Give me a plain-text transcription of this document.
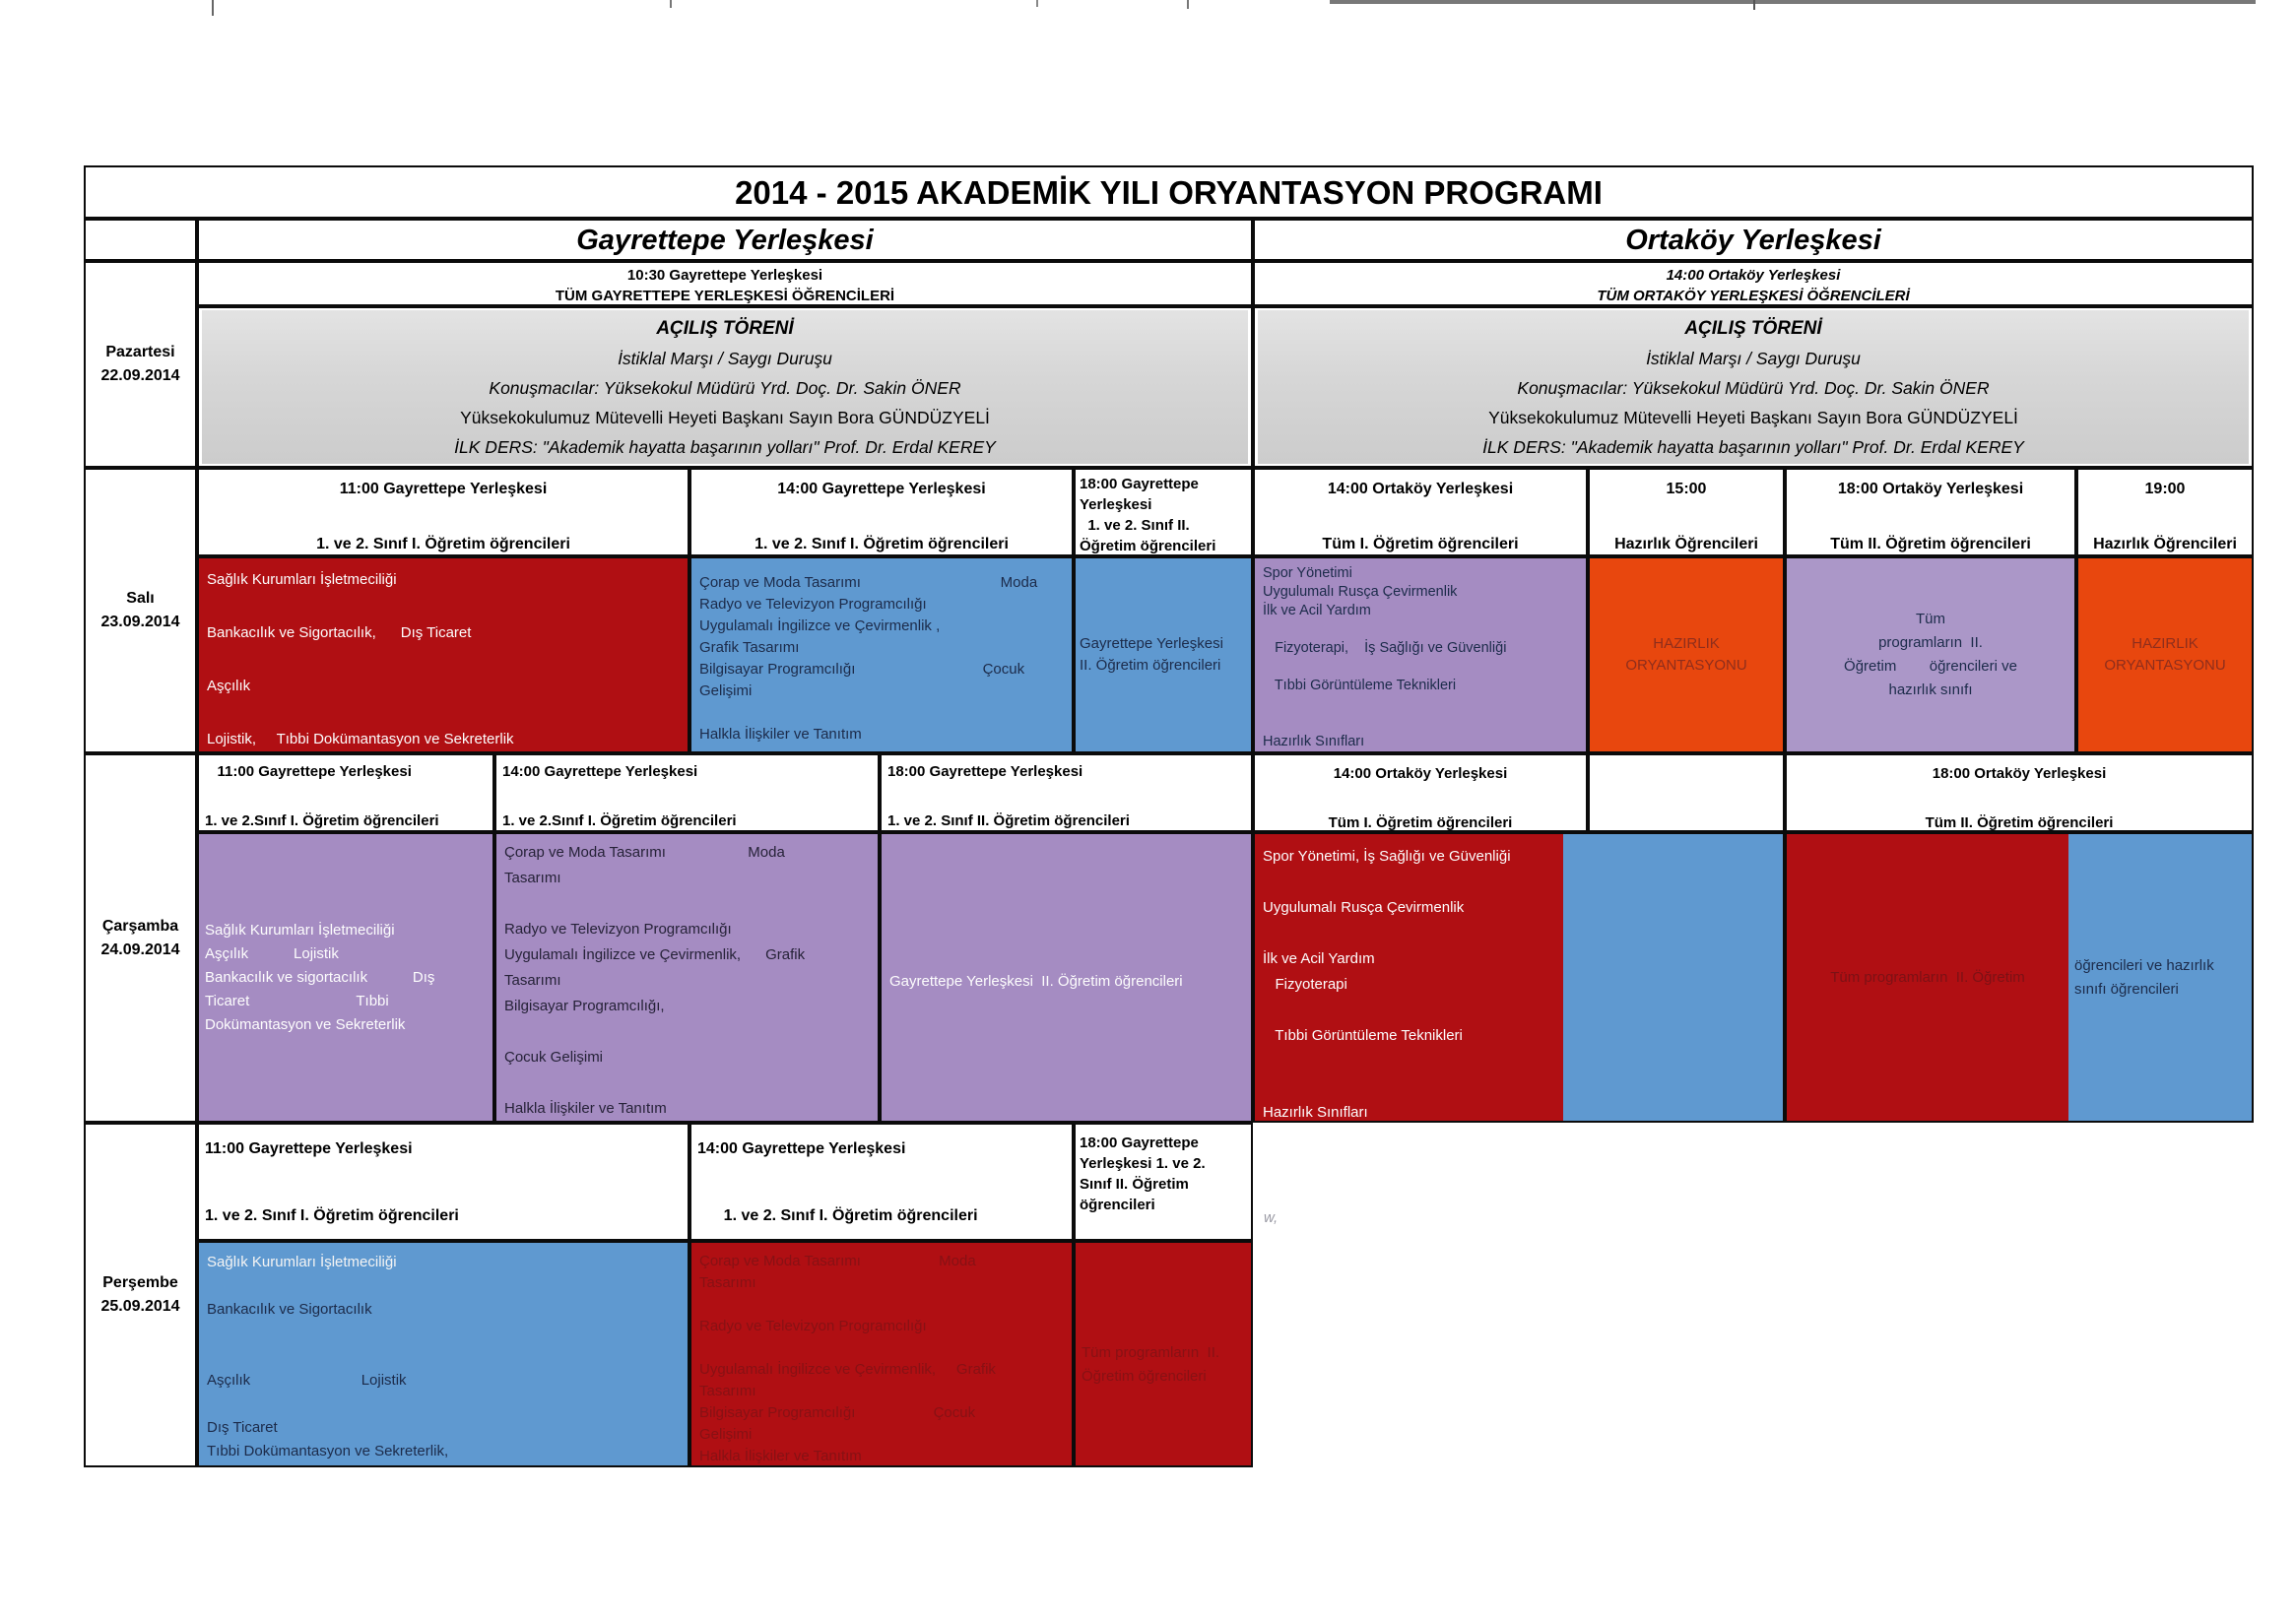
w,
2014 - 2015 AKADEMİK YILI ORYANTASYON PROGRAMI
Gayrettepe Yerleşkesi	Ortaköy Yerleşkesi
Pazartesi
22.09.2014
10:30 Gayrettepe Yerleşkesi
TÜM GAYRETTEPE YERLEŞKESİ ÖĞRENCİLERİ
AÇILIŞ TÖRENİ
İstiklal Marşı / Saygı Duruşu
Konuşmacılar: Yüksekokul Müdürü Yrd. Doç. Dr. Sakin ÖNER
Yüksekokulumuz Mütevelli Heyeti Başkanı Sayın Bora GÜNDÜZYELİ
İLK DERS: "Akademik hayatta başarının yolları" Prof. Dr. Erdal KEREY
14:00 Ortaköy Yerleşkesi
TÜM ORTAKÖY YERLEŞKESİ ÖĞRENCİLERİ
AÇILIŞ TÖRENİ
İstiklal Marşı / Saygı Duruşu
Konuşmacılar: Yüksekokul Müdürü Yrd. Doç. Dr. Sakin ÖNER
Yüksekokulumuz Mütevelli Heyeti Başkanı Sayın Bora GÜNDÜZYELİ
İLK DERS: "Akademik hayatta başarının yolları" Prof. Dr. Erdal KEREY
Salı
23.09.2014
11:00 Gayrettepe Yerleşkesi

1. ve 2. Sınıf I. Öğretim öğrencileri
14:00 Gayrettepe Yerleşkesi

1. ve 2. Sınıf I. Öğretim öğrencileri
18:00 Gayrettepe
Yerleşkesi
1. ve 2. Sınıf II.
Öğretim öğrencileri
14:00 Ortaköy Yerleşkesi

Tüm I. Öğretim öğrencileri
15:00

Hazırlık Öğrencileri
18:00 Ortaköy Yerleşkesi

Tüm II. Öğretim öğrencileri
19:00

Hazırlık Öğrencileri
Sağlık Kurumları İşletmeciliği

Bankacılık ve Sigortacılık,      Dış Ticaret

Aşçılık

Lojistik,     Tıbbi Dokümantasyon ve Sekreterlik
Çorap ve Moda Tasarımı                                  Moda
Radyo ve Televizyon Programcılığı
Uygulamalı İngilizce ve Çevirmenlik ,
Grafik Tasarımı
Bilgisayar Programcılığı                               Çocuk
Gelişimi

Halkla İlişkiler ve Tanıtım
Gayrettepe Yerleşkesi
II. Öğretim öğrencileri
Spor Yönetimi
Uygulumalı Rusça Çevirmenlik
İlk ve Acil Yardım

Fizyoterapi,    İş Sağlığı ve Güvenliği

Tıbbi Görüntüleme Teknikleri

Hazırlık Sınıfları
HAZIRLIK
ORYANTASYONU
Tüm
programların  II.
Öğretim        öğrencileri ve
hazırlık sınıfı
HAZIRLIK
ORYANTASYONU
Çarşamba
24.09.2014
11:00 Gayrettepe Yerleşkesi

1. ve 2.Sınıf I. Öğretim öğrencileri
14:00 Gayrettepe Yerleşkesi

1. ve 2.Sınıf I. Öğretim öğrencileri
18:00 Gayrettepe Yerleşkesi

1. ve 2. Sınıf II. Öğretim öğrencileri
14:00 Ortaköy Yerleşkesi

Tüm I. Öğretim öğrencileri
18:00 Ortaköy Yerleşkesi

Tüm II. Öğretim öğrencileri
Sağlık Kurumları İşletmeciliği
Aşçılık           Lojistik
Bankacılık ve sigortacılık           Dış
Ticaret                          Tıbbi
Dokümantasyon ve Sekreterlik
Çorap ve Moda Tasarımı                    Moda
Tasarımı

Radyo ve Televizyon Programcılığı
Uygulamalı İngilizce ve Çevirmenlik,      Grafik
Tasarımı
Bilgisayar Programcılığı,

Çocuk Gelişimi

Halkla İlişkiler ve Tanıtım
Gayrettepe Yerleşkesi  II. Öğretim öğrencileri
Spor Yönetimi, İş Sağlığı ve Güvenliği

Uygulumalı Rusça Çevirmenlik

İlk ve Acil Yardım
Fizyoterapi

Tıbbi Görüntüleme Teknikleri

Hazırlık Sınıfları
Tüm programların  II. Öğretim
öğrencileri ve hazırlık
sınıfı öğrencileri
Perşembe
25.09.2014
11:00 Gayrettepe Yerleşkesi

1. ve 2. Sınıf I. Öğretim öğrencileri
14:00 Gayrettepe Yerleşkesi

1. ve 2. Sınıf I. Öğretim öğrencileri
18:00 Gayrettepe
Yerleşkesi 1. ve 2.
Sınıf II. Öğretim
öğrencileri
Sağlık Kurumları İşletmeciliği

Bankacılık ve Sigortacılık

Aşçılık                           Lojistik

Dış Ticaret
Tıbbi Dokümantasyon ve Sekreterlik,
Çorap ve Moda Tasarımı                   Moda
Tasarımı

Radyo ve Televizyon Programcılığı

Uygulamalı İngilizce ve Çevirmenlik,     Grafik
Tasarımı
Bilgisayar Programcılığı                   Çocuk
Gelişimi
Halkla İlişkiler ve Tanıtım
Tüm programların  II.
Öğretim öğrencileri
